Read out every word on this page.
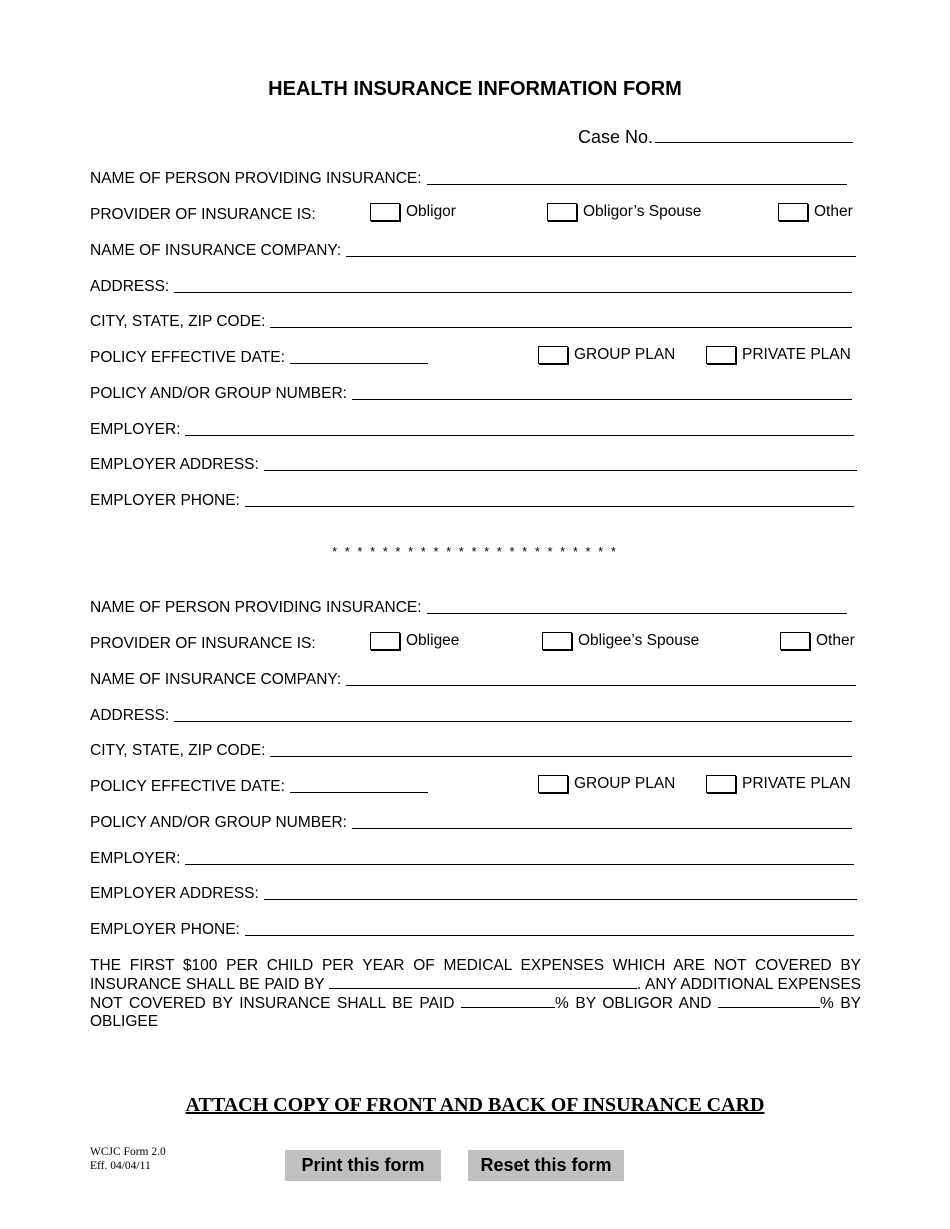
HEALTH INSURANCE INFORMATION FORM
Case No.
NAME OF PERSON PROVIDING INSURANCE:
PROVIDER OF INSURANCE IS:	Obligor	Obligor’s Spouse	Other
NAME OF INSURANCE COMPANY:
ADDRESS:
CITY, STATE, ZIP CODE:
POLICY EFFECTIVE DATE:	GROUP PLAN	PRIVATE PLAN
POLICY AND/OR GROUP NUMBER:
EMPLOYER:
EMPLOYER ADDRESS:
EMPLOYER PHONE:
* * * * * * * * * * * * * * * * * * * * * * *
NAME OF PERSON PROVIDING INSURANCE:
PROVIDER OF INSURANCE IS:	Obligee	Obligee’s Spouse	Other
NAME OF INSURANCE COMPANY:
ADDRESS:
CITY, STATE, ZIP CODE:
POLICY EFFECTIVE DATE:	GROUP PLAN	PRIVATE PLAN
POLICY AND/OR GROUP NUMBER:
EMPLOYER:
EMPLOYER ADDRESS:
EMPLOYER PHONE:
THE FIRST $100 PER CHILD PER YEAR OF MEDICAL EXPENSES WHICH ARE NOT COVERED BY INSURANCE SHALL BE PAID BY	. ANY ADDITIONAL EXPENSES NOT COVERED BY INSURANCE SHALL BE PAID	% BY OBLIGOR AND	% BY OBLIGEE
ATTACH COPY OF FRONT AND BACK OF INSURANCE CARD
WCJC Form 2.0
Eff. 04/04/11	Print this form	Reset this form
